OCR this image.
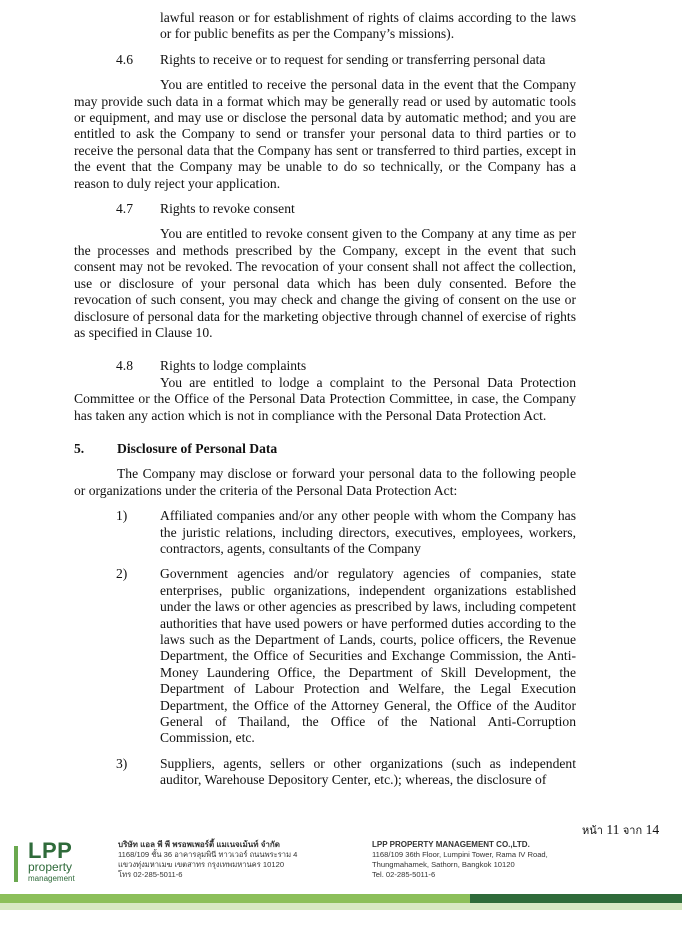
lawful reason or for establishment of rights of claims according to the laws or for public benefits as per the Company’s missions).

4.6	Rights to receive or to request for sending or transferring personal data

You are entitled to receive the personal data in the event that the Company may provide such data in a format which may be generally read or used by automatic tools or equipment, and may use or disclose the personal data by automatic method; and you are entitled to ask the Company to send or transfer your personal data to third parties or to receive the personal data that the Company has sent or transferred to third parties, except in the event that the Company may be unable to do so technically, or the Company has a reason to duly reject your application.

4.7	Rights to revoke consent

You are entitled to revoke consent given to the Company at any time as per the processes and methods prescribed by the Company, except in the event that such consent may not be revoked. The revocation of your consent shall not affect the collection, use or disclosure of your personal data which has been duly consented. Before the revocation of such consent, you may check and change the giving of consent on the use or disclosure of personal data for the marketing objective through channel of exercise of rights as specified in Clause 10.

4.8	Rights to lodge complaints

You are entitled to lodge a complaint to the Personal Data Protection Committee or the Office of the Personal Data Protection Committee, in case, the Company has taken any action which is not in compliance with the Personal Data Protection Act.

5.	Disclosure of Personal Data

The Company may disclose or forward your personal data to the following people or organizations under the criteria of the Personal Data Protection Act:

1)	Affiliated companies and/or any other people with whom the Company has the juristic relations, including directors, executives, employees, workers, contractors, agents, consultants of the Company
2)	Government agencies and/or regulatory agencies of companies, state enterprises, public organizations, independent organizations established under the laws or other agencies as prescribed by laws, including competent authorities that have used powers or have performed duties according to the laws such as the Department of Lands, courts, police officers, the Revenue Department, the Office of Securities and Exchange Commission, the Anti-Money Laundering Office, the Department of Skill Development, the Department of Labour Protection and Welfare, the Legal Execution Department, the Office of the Attorney General, the Office of the Auditor General of Thailand, the Office of the National Anti-Corruption Commission, etc.
3)	Suppliers, agents, sellers or other organizations (such as independent auditor, Warehouse Depository Center, etc.); whereas, the disclosure of
หน้า 11 จาก 14
LPP
property
management
บริษัท แอล พี พี พรอพเพอร์ตี้ แมเนจเม้นท์ จำกัด
1168/109 ชั้น 36 อาคารลุมพินี ทาวเวอร์ ถนนพระราม 4
แขวงทุ่งมหาเมฆ เขตสาทร กรุงเทพมหานคร 10120
โทร 02-285-5011-6
LPP PROPERTY MANAGEMENT CO.,LTD.
1168/109 36th Floor, Lumpini Tower, Rama IV Road,
Thungmahamek, Sathorn, Bangkok 10120
Tel. 02-285-5011-6
